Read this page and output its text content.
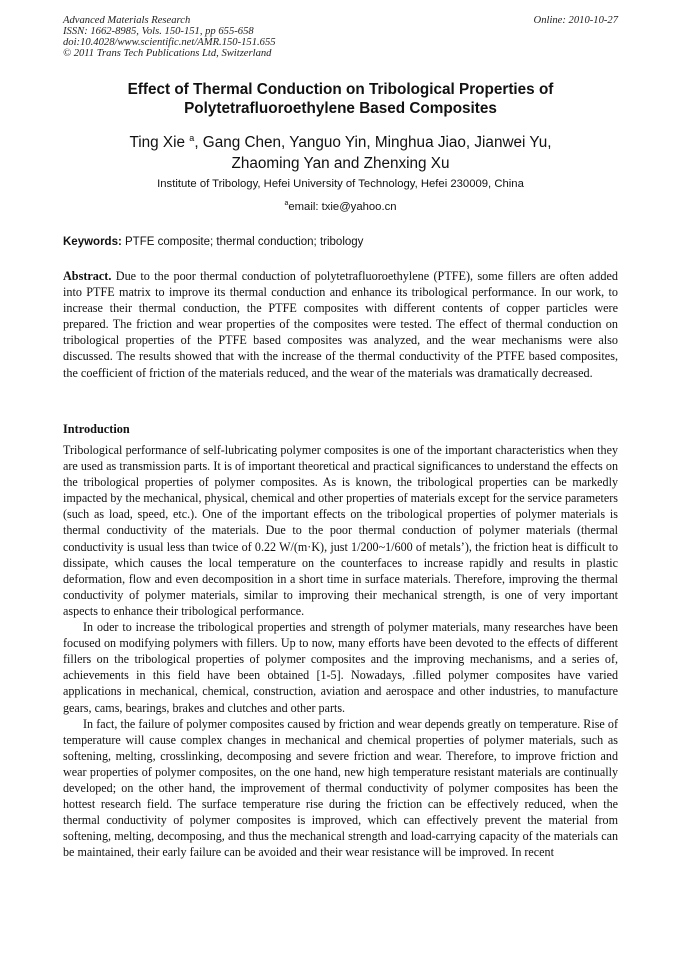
Advanced Materials Research
ISSN: 1662-8985, Vols. 150-151, pp 655-658
doi:10.4028/www.scientific.net/AMR.150-151.655
© 2011 Trans Tech Publications Ltd, Switzerland
Online: 2010-10-27
Effect of Thermal Conduction on Tribological Properties of
Polytetrafluoroethylene Based Composites
Ting Xie $^a$, Gang Chen, Yanguo Yin, Minghua Jiao, Jianwei Yu,
Zhaoming Yan and Zhenxing Xu
Institute of Tribology, Hefei University of Technology, Hefei 230009, China
$^a$email: txie@yahoo.cn
Keywords: PTFE composite; thermal conduction; tribology
Abstract. Due to the poor thermal conduction of polytetrafluoroethylene (PTFE), some fillers are often added into PTFE matrix to improve its thermal conduction and enhance its tribological performance. In our work, to increase their thermal conduction, the PTFE composites with different contents of copper particles were prepared. The friction and wear properties of the composites were tested. The effect of thermal conduction on tribological properties of the PTFE based composites was analyzed, and the wear mechanisms were also discussed. The results showed that with the increase of the thermal conductivity of the PTFE based composites, the coefficient of friction of the materials reduced, and the wear of the materials was dramatically decreased.
Introduction

Tribological performance of self-lubricating polymer composites is one of the important characteristics when they are used as transmission parts. It is of important theoretical and practical significances to understand the effects on the tribological properties of polymer composites. As is known, the tribological properties can be markedly impacted by the mechanical, physical, chemical and other properties of materials except for the service parameters (such as load, speed, etc.). One of the important effects on the tribological properties of polymer materials is thermal conductivity of the materials. Due to the poor thermal conduction of polymer materials (thermal conductivity is usual less than twice of 0.22 W/(m·K), just 1/200~1/600 of metals’), the friction heat is difficult to dissipate, which causes the local temperature on the counterfaces to increase rapidly and results in plastic deformation, flow and even decomposition in a short time in surface materials. Therefore, improving the thermal conductivity of polymer materials, similar to improving their mechanical strength, is one of very important aspects to enhance their tribological performance.

In oder to increase the tribological properties and strength of polymer materials, many researches have been focused on modifying polymers with fillers. Up to now, many efforts have been devoted to the effects of different fillers on the tribological properties of polymer composites and the improving mechanisms, and a series of, achievements in this field have been obtained [1-5]. Nowadays, .filled polymer composites have varied applications in mechanical, chemical, construction, aviation and aerospace and other industries, to manufacture gears, cams, bearings, brakes and clutches and other parts.

In fact, the failure of polymer composites caused by friction and wear depends greatly on temperature. Rise of temperature will cause complex changes in mechanical and chemical properties of polymer materials, such as softening, melting, crosslinking, decomposing and severe friction and wear. Therefore, to improve friction and wear properties of polymer composites, on the one hand, new high temperature resistant materials are continually developed; on the other hand, the improvement of thermal conductivity of polymer composites has been the hottest research field. The surface temperature rise during the friction can be effectively reduced, when the thermal conductivity of polymer composites is improved, which can effectively prevent the material from softening, melting, decomposing, and thus the mechanical strength and load-carrying capacity of the materials can be maintained, their early failure can be avoided and their wear resistance will be improved. In recent
